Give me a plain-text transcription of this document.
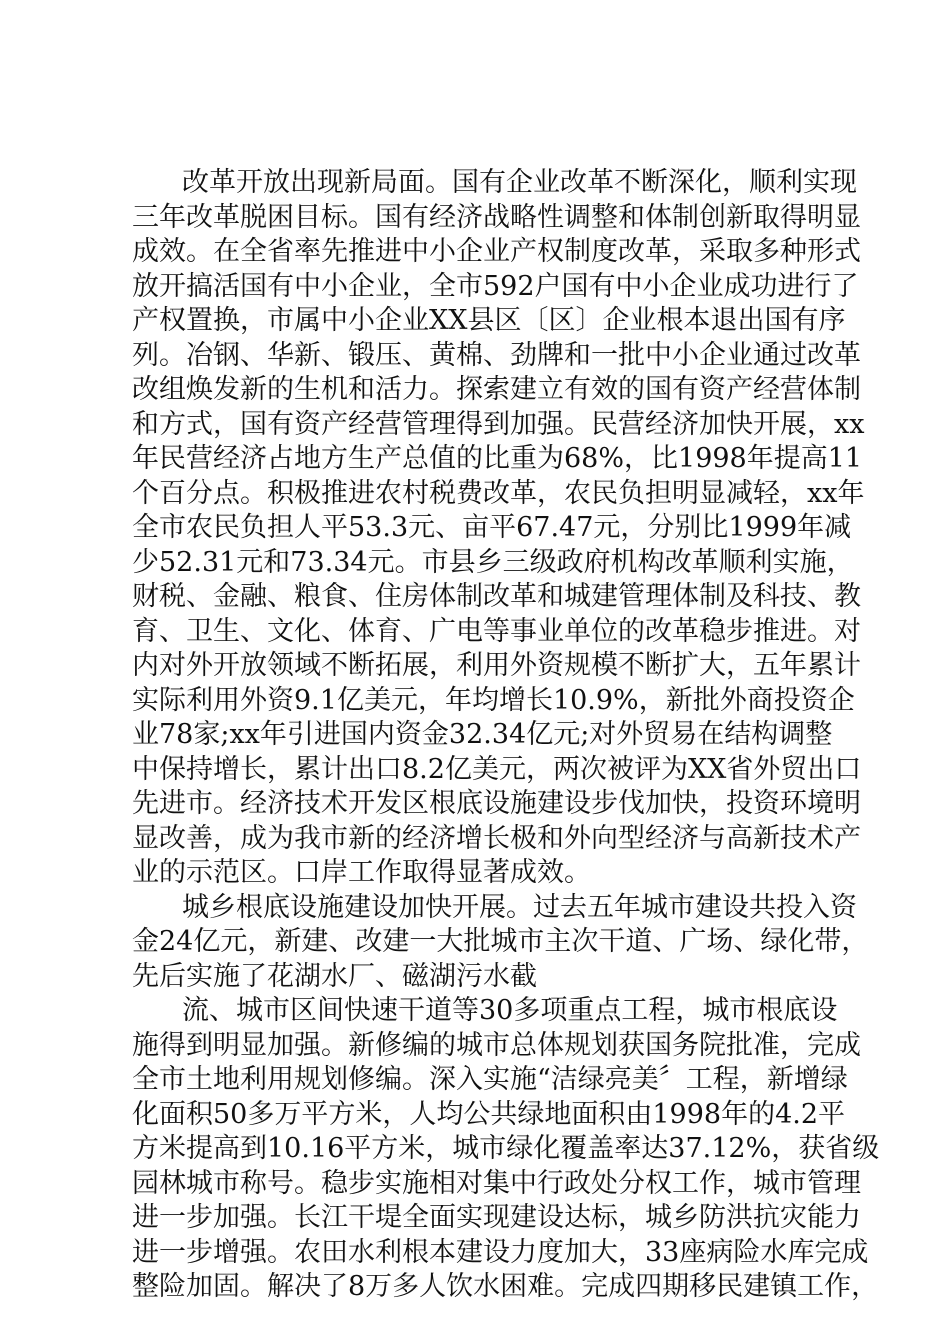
改革开放出现新局面。国有企业改革不断深化，顺利实现
三年改革脱困目标。国有经济战略性调整和体制创新取得明显
成效。在全省率先推进中小企业产权制度改革，采取多种形式
放开搞活国有中小企业，全市592户国有中小企业成功进行了
产权置换，市属中小企业XX县区〔区〕企业根本退出国有序
列。冶钢、华新、锻压、黄棉、劲牌和一批中小企业通过改革
改组焕发新的生机和活力。探索建立有效的国有资产经营体制
和方式，国有资产经营管理得到加强。民营经济加快开展，xx
年民营经济占地方生产总值的比重为68%，比1998年提高11
个百分点。积极推进农村税费改革，农民负担明显减轻，xx年
全市农民负担人平53.3元、亩平67.47元，分别比1999年减
少52.31元和73.34元。市县乡三级政府机构改革顺利实施，
财税、金融、粮食、住房体制改革和城建管理体制及科技、教
育、卫生、文化、体育、广电等事业单位的改革稳步推进。对
内对外开放领域不断拓展，利用外资规模不断扩大，五年累计
实际利用外资9.1亿美元，年均增长10.9%，新批外商投资企
业78家;xx年引进国内资金32.34亿元;对外贸易在结构调整
中保持增长，累计出口8.2亿美元，两次被评为XX省外贸出口
先进市。经济技术开发区根底设施建设步伐加快，投资环境明
显改善，成为我市新的经济增长极和外向型经济与高新技术产
业的示范区。口岸工作取得显著成效。
城乡根底设施建设加快开展。过去五年城市建设共投入资
金24亿元，新建、改建一大批城市主次干道、广场、绿化带，
先后实施了花湖水厂、磁湖污水截
流、城市区间快速干道等30多项重点工程，城市根底设
施得到明显加强。新修编的城市总体规划获国务院批准，完成
全市土地利用规划修编。深入实施“洁绿亮美〞工程，新增绿
化面积50多万平方米，人均公共绿地面积由1998年的4.2平
方米提高到10.16平方米，城市绿化覆盖率达37.12%，获省级
园林城市称号。稳步实施相对集中行政处分权工作，城市管理
进一步加强。长江干堤全面实现建设达标，城乡防洪抗灾能力
进一步增强。农田水利根本建设力度加大，33座病险水库完成
整险加固。解决了8万多人饮水困难。完成四期移民建镇工作，
